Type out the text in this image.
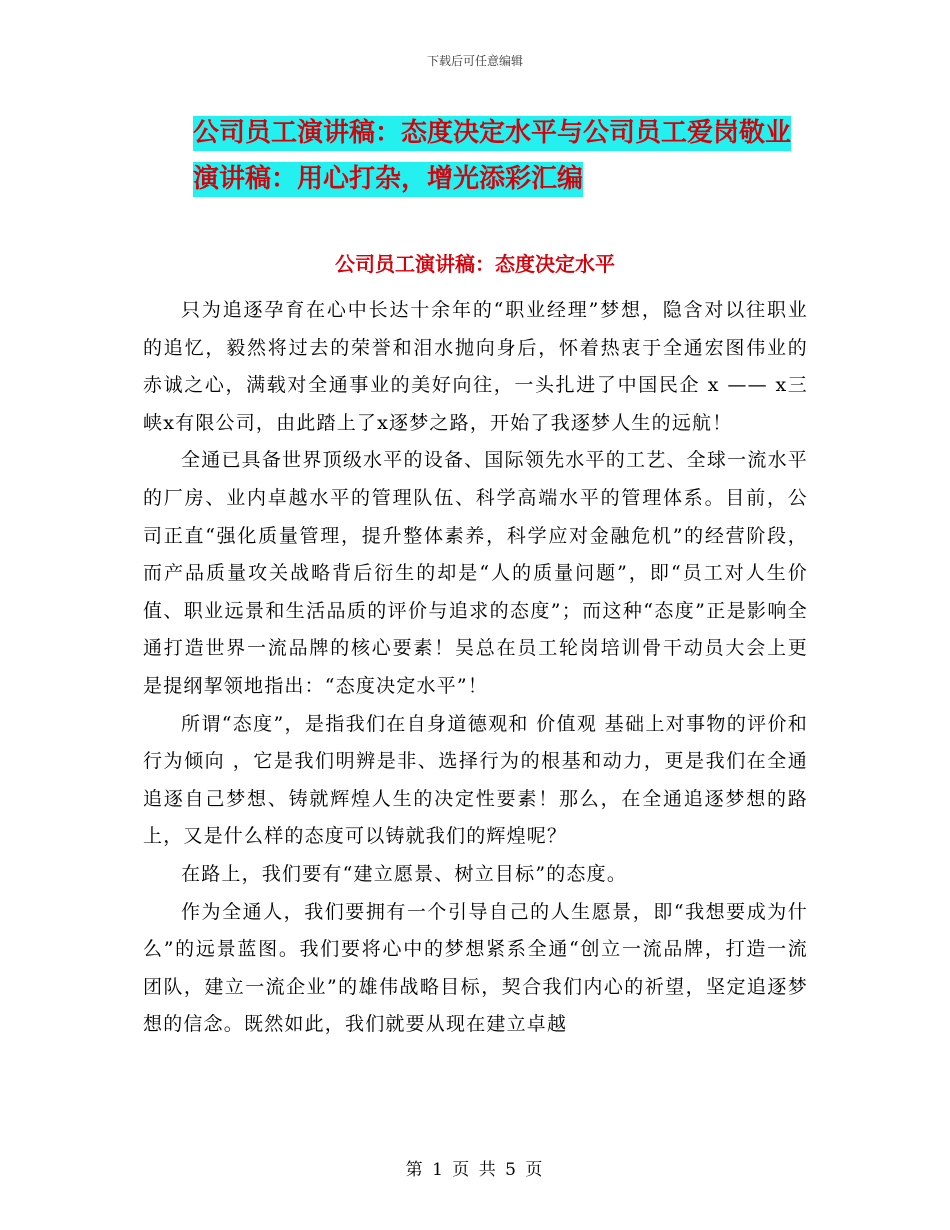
下载后可任意编辑
公司员工演讲稿：态度决定水平与公司员工爱岗敬业
演讲稿：用心打杂，增光添彩汇编
公司员工演讲稿：态度决定水平

只为追逐孕育在心中长达十余年的“职业经理”梦想，隐含对以往职业的追忆，毅然将过去的荣誉和泪水抛向身后，怀着热衷于全通宏图伟业的赤诚之心，满载对全通事业的美好向往，一头扎进了中国民企 x —— x三峡x有限公司，由此踏上了x逐梦之路，开始了我逐梦人生的远航！

全通已具备世界顶级水平的设备、国际领先水平的工艺、全球一流水平的厂房、业内卓越水平的管理队伍、科学高端水平的管理体系。目前，公司正直“强化质量管理，提升整体素养，科学应对金融危机”的经营阶段，而产品质量攻关战略背后衍生的却是“人的质量问题”，即“员工对人生价值、职业远景和生活品质的评价与追求的态度”；而这种“态度”正是影响全通打造世界一流品牌的核心要素！吴总在员工轮岗培训骨干动员大会上更是提纲挈领地指出：“态度决定水平”！

所谓“态度”，是指我们在自身道德观和 价值观 基础上对事物的评价和 行为倾向 ，它是我们明辨是非、选择行为的根基和动力，更是我们在全通追逐自己梦想、铸就辉煌人生的决定性要素！那么，在全通追逐梦想的路上，又是什么样的态度可以铸就我们的辉煌呢？

在路上，我们要有“建立愿景、树立目标”的态度。

作为全通人，我们要拥有一个引导自己的人生愿景，即“我想要成为什么”的远景蓝图。我们要将心中的梦想紧系全通“创立一流品牌，打造一流团队，建立一流企业”的雄伟战略目标，契合我们内心的祈望，坚定追逐梦想的信念。既然如此，我们就要从现在建立卓越

第 1 页 共 5 页
